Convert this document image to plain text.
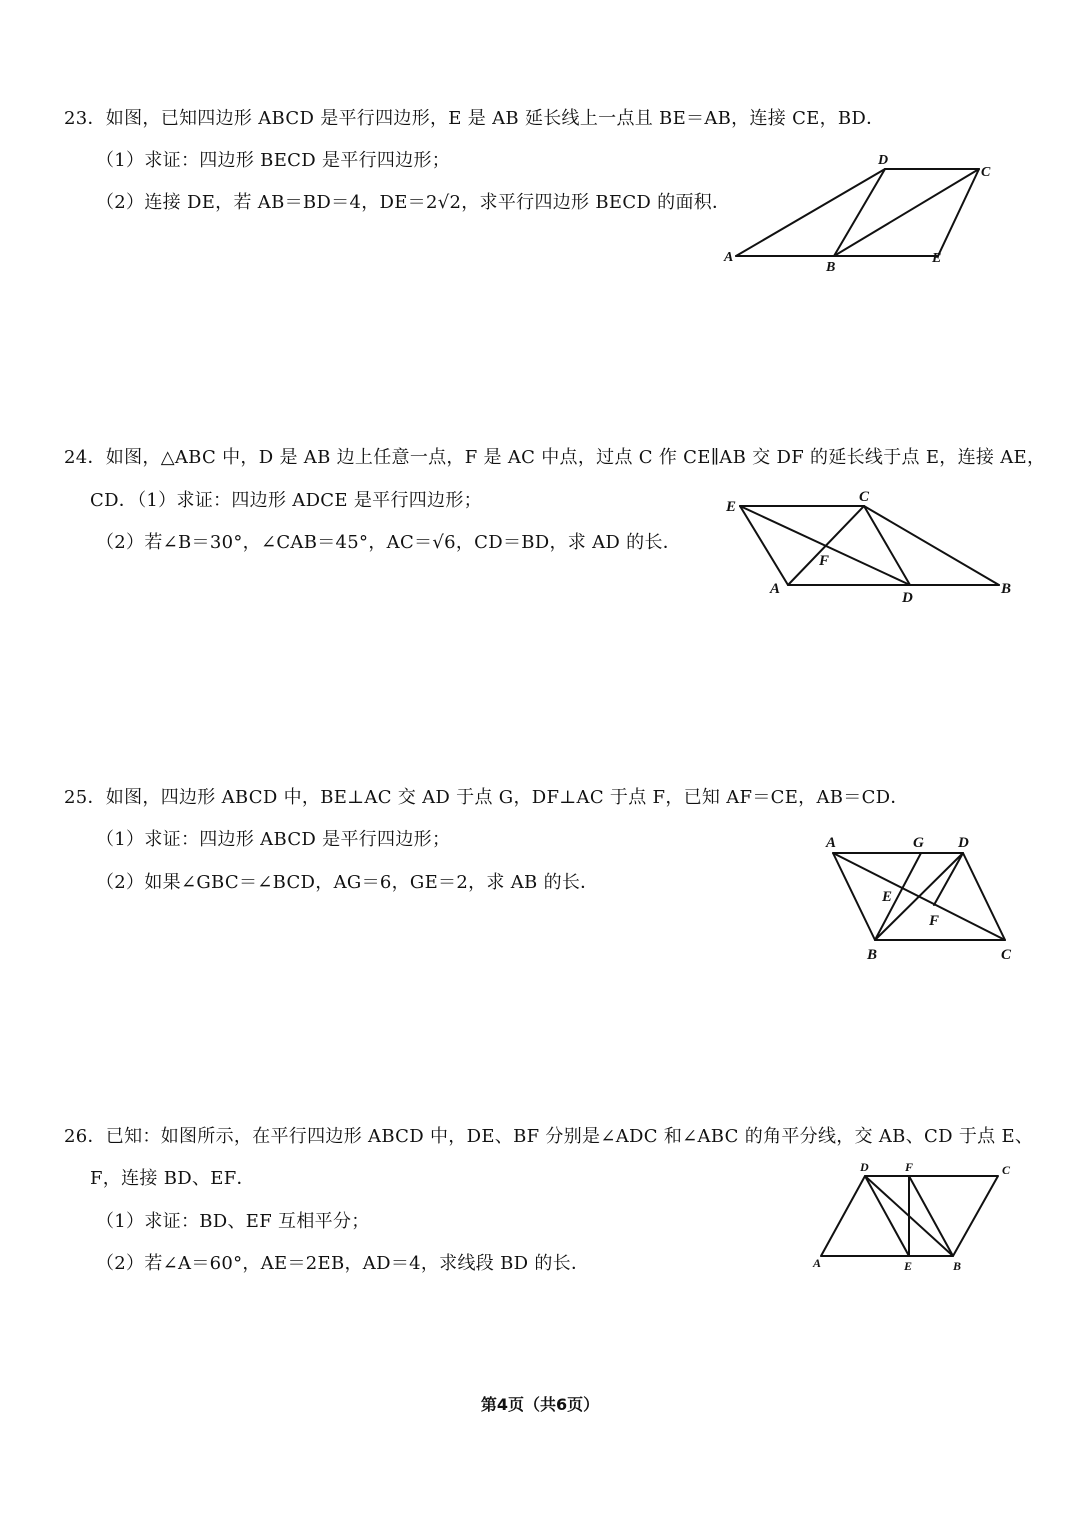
23．如图，已知四边形 ABCD 是平行四边形，E 是 AB 延长线上一点且 BE＝AB，连接 CE，BD．
（1）求证：四边形 BECD 是平行四边形；
（2）连接 DE，若 AB＝BD＝4，DE＝2√2，求平行四边形 BECD 的面积．
A
B
D
C
E
24．如图，△ABC 中，D 是 AB 边上任意一点，F 是 AC 中点，过点 C 作 CE∥AB 交 DF 的延长线于点 E，连接 AE，
CD．（1）求证：四边形 ADCE 是平行四边形；
（2）若∠B＝30°，∠CAB＝45°，AC＝√6，CD＝BD，求 AD 的长．
E
C
F
A
D
B
25．如图，四边形 ABCD 中，BE⊥AC 交 AD 于点 G，DF⊥AC 于点 F，已知 AF＝CE，AB＝CD．
（1）求证：四边形 ABCD 是平行四边形；
（2）如果∠GBC＝∠BCD，AG＝6，GE＝2，求 AB 的长．
A	G D
E
F
B	C
26．已知：如图所示，在平行四边形 ABCD 中，DE、BF 分别是∠ADC 和∠ABC 的角平分线，交 AB、CD 于点 E、
F，连接 BD、EF．
（1）求证：BD、EF 互相平分；
（2）若∠A＝60°，AE＝2EB，AD＝4，求线段 BD 的长．
D	F	C
A	E	B
第4页（共6页）
